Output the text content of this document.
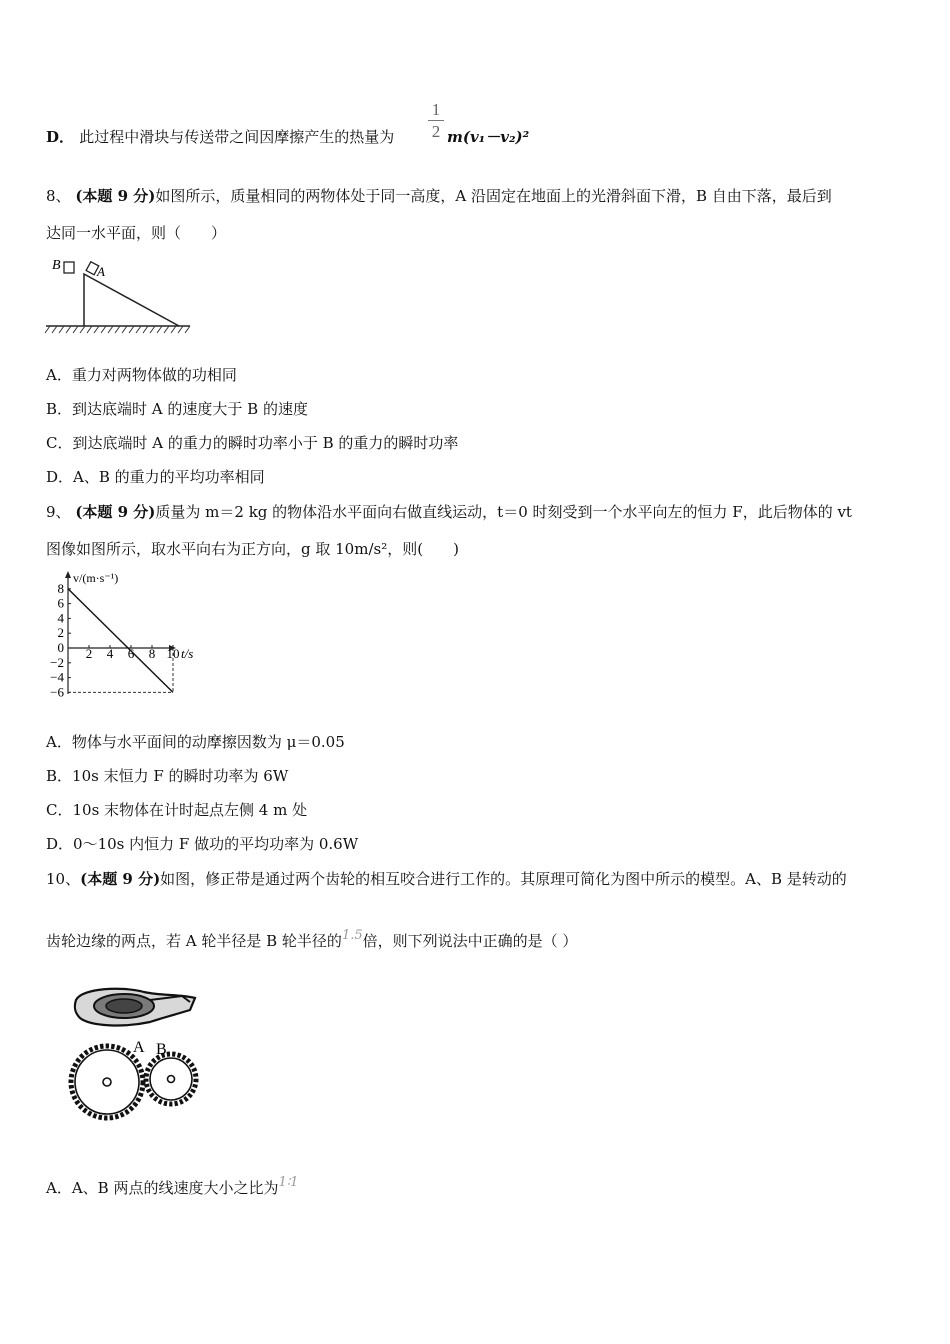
D． 此过程中滑块与传送带之间因摩擦产生的热量为
1
2 m(v₁－v₂)²
8、 (本题 9 分)如图所示，质量相同的两物体处于同一高度，A 沿固定在地面上的光滑斜面下滑，B 自由下落，最后到
达同一水平面，则（　　）
B	A
A．重力对两物体做的功相同
B．到达底端时 A 的速度大于 B 的速度
C．到达底端时 A 的重力的瞬时功率小于 B 的重力的瞬时功率
D．A、B 的重力的平均功率相同
9、 (本题 9 分)质量为 m＝2 kg 的物体沿水平面向右做直线运动，t＝0 时刻受到一个水平向左的恒力 F，此后物体的 vt
图像如图所示，取水平向右为正方向，g 取 10m/s²，则(　　)
v/(m·s⁻¹)
t/s
8
6
4
2
0
−2
−4
−6
2 4 6 8 10
A．物体与水平面间的动摩擦因数为 μ＝0.05
B．10s 末恒力 F 的瞬时功率为 6W
C．10s 末物体在计时起点左侧 4 m 处
D．0～10s 内恒力 F 做功的平均功率为 0.6W
10、(本题 9 分)如图，修正带是通过两个齿轮的相互咬合进行工作的。其原理可简化为图中所示的模型。A、B 是转动的
齿轮边缘的两点，若 A 轮半径是 B 轮半径的1.5倍，则下列说法中正确的是（ ）
A B
A．A、B 两点的线速度大小之比为1∶1
